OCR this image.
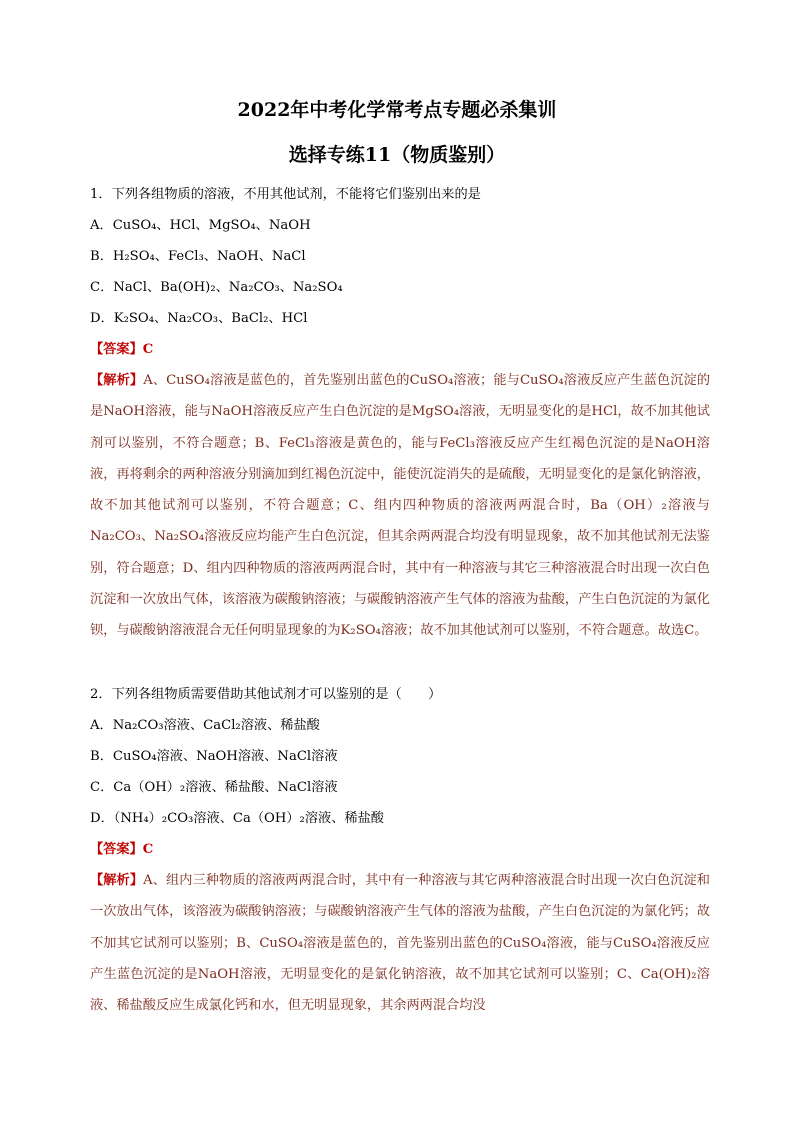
2022年中考化学常考点专题必杀集训
选择专练11（物质鉴别）
1．下列各组物质的溶液，不用其他试剂，不能将它们鉴别出来的是
A．CuSO₄、HCl、MgSO₄、NaOH
B．H₂SO₄、FeCl₃、NaOH、NaCl
C．NaCl、Ba(OH)₂、Na₂CO₃、Na₂SO₄
D．K₂SO₄、Na₂CO₃、BaCl₂、HCl
【答案】C
【解析】A、CuSO₄溶液是蓝色的，首先鉴别出蓝色的CuSO₄溶液；能与CuSO₄溶液反应产生蓝色沉淀的是NaOH溶液，能与NaOH溶液反应产生白色沉淀的是MgSO₄溶液，无明显变化的是HCl，故不加其他试剂可以鉴别，不符合题意；B、FeCl₃溶液是黄色的，能与FeCl₃溶液反应产生红褐色沉淀的是NaOH溶液，再将剩余的两种溶液分别滴加到红褐色沉淀中，能使沉淀消失的是硫酸，无明显变化的是氯化钠溶液，故不加其他试剂可以鉴别，不符合题意；C、组内四种物质的溶液两两混合时，Ba（OH）₂溶液与Na₂CO₃、Na₂SO₄溶液反应均能产生白色沉淀，但其余两两混合均没有明显现象，故不加其他试剂无法鉴别，符合题意；D、组内四种物质的溶液两两混合时，其中有一种溶液与其它三种溶液混合时出现一次白色沉淀和一次放出气体，该溶液为碳酸钠溶液；与碳酸钠溶液产生气体的溶液为盐酸，产生白色沉淀的为氯化钡，与碳酸钠溶液混合无任何明显现象的为K₂SO₄溶液；故不加其他试剂可以鉴别，不符合题意。故选C。
2．下列各组物质需要借助其他试剂才可以鉴别的是（　　）
A．Na₂CO₃溶液、CaCl₂溶液、稀盐酸
B．CuSO₄溶液、NaOH溶液、NaCl溶液
C．Ca（OH）₂溶液、稀盐酸、NaCl溶液
D．（NH₄）₂CO₃溶液、Ca（OH）₂溶液、稀盐酸
【答案】C
【解析】A、组内三种物质的溶液两两混合时，其中有一种溶液与其它两种溶液混合时出现一次白色沉淀和一次放出气体，该溶液为碳酸钠溶液；与碳酸钠溶液产生气体的溶液为盐酸，产生白色沉淀的为氯化钙；故不加其它试剂可以鉴别；B、CuSO₄溶液是蓝色的，首先鉴别出蓝色的CuSO₄溶液，能与CuSO₄溶液反应产生蓝色沉淀的是NaOH溶液，无明显变化的是氯化钠溶液，故不加其它试剂可以鉴别；C、Ca(OH)₂溶液、稀盐酸反应生成氯化钙和水，但无明显现象，其余两两混合均没
